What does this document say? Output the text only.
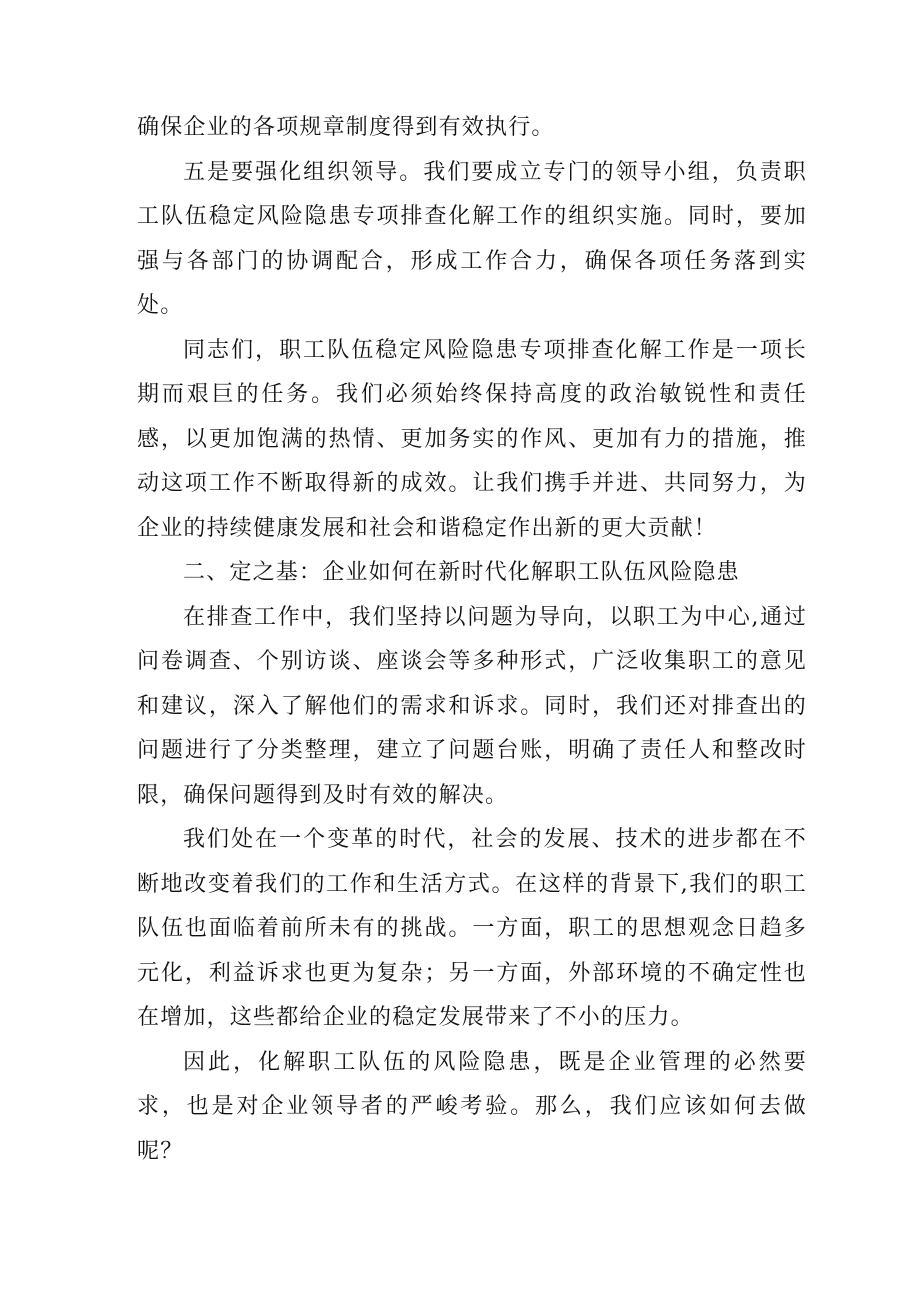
确保企业的各项规章制度得到有效执行。

五是要强化组织领导。我们要成立专门的领导小组，负责职工队伍稳定风险隐患专项排查化解工作的组织实施。同时，要加强与各部门的协调配合，形成工作合力，确保各项任务落到实处。

同志们，职工队伍稳定风险隐患专项排查化解工作是一项长期而艰巨的任务。我们必须始终保持高度的政治敏锐性和责任感，以更加饱满的热情、更加务实的作风、更加有力的措施，推动这项工作不断取得新的成效。让我们携手并进、共同努力，为企业的持续健康发展和社会和谐稳定作出新的更大贡献！

二、定之基：企业如何在新时代化解职工队伍风险隐患

在排查工作中，我们坚持以问题为导向，以职工为中心,通过问卷调查、个别访谈、座谈会等多种形式，广泛收集职工的意见和建议，深入了解他们的需求和诉求。同时，我们还对排查出的问题进行了分类整理，建立了问题台账，明确了责任人和整改时限，确保问题得到及时有效的解决。

我们处在一个变革的时代，社会的发展、技术的进步都在不断地改变着我们的工作和生活方式。在这样的背景下,我们的职工队伍也面临着前所未有的挑战。一方面，职工的思想观念日趋多元化，利益诉求也更为复杂；另一方面，外部环境的不确定性也在增加，这些都给企业的稳定发展带来了不小的压力。

因此，化解职工队伍的风险隐患，既是企业管理的必然要求，也是对企业领导者的严峻考验。那么，我们应该如何去做呢？
